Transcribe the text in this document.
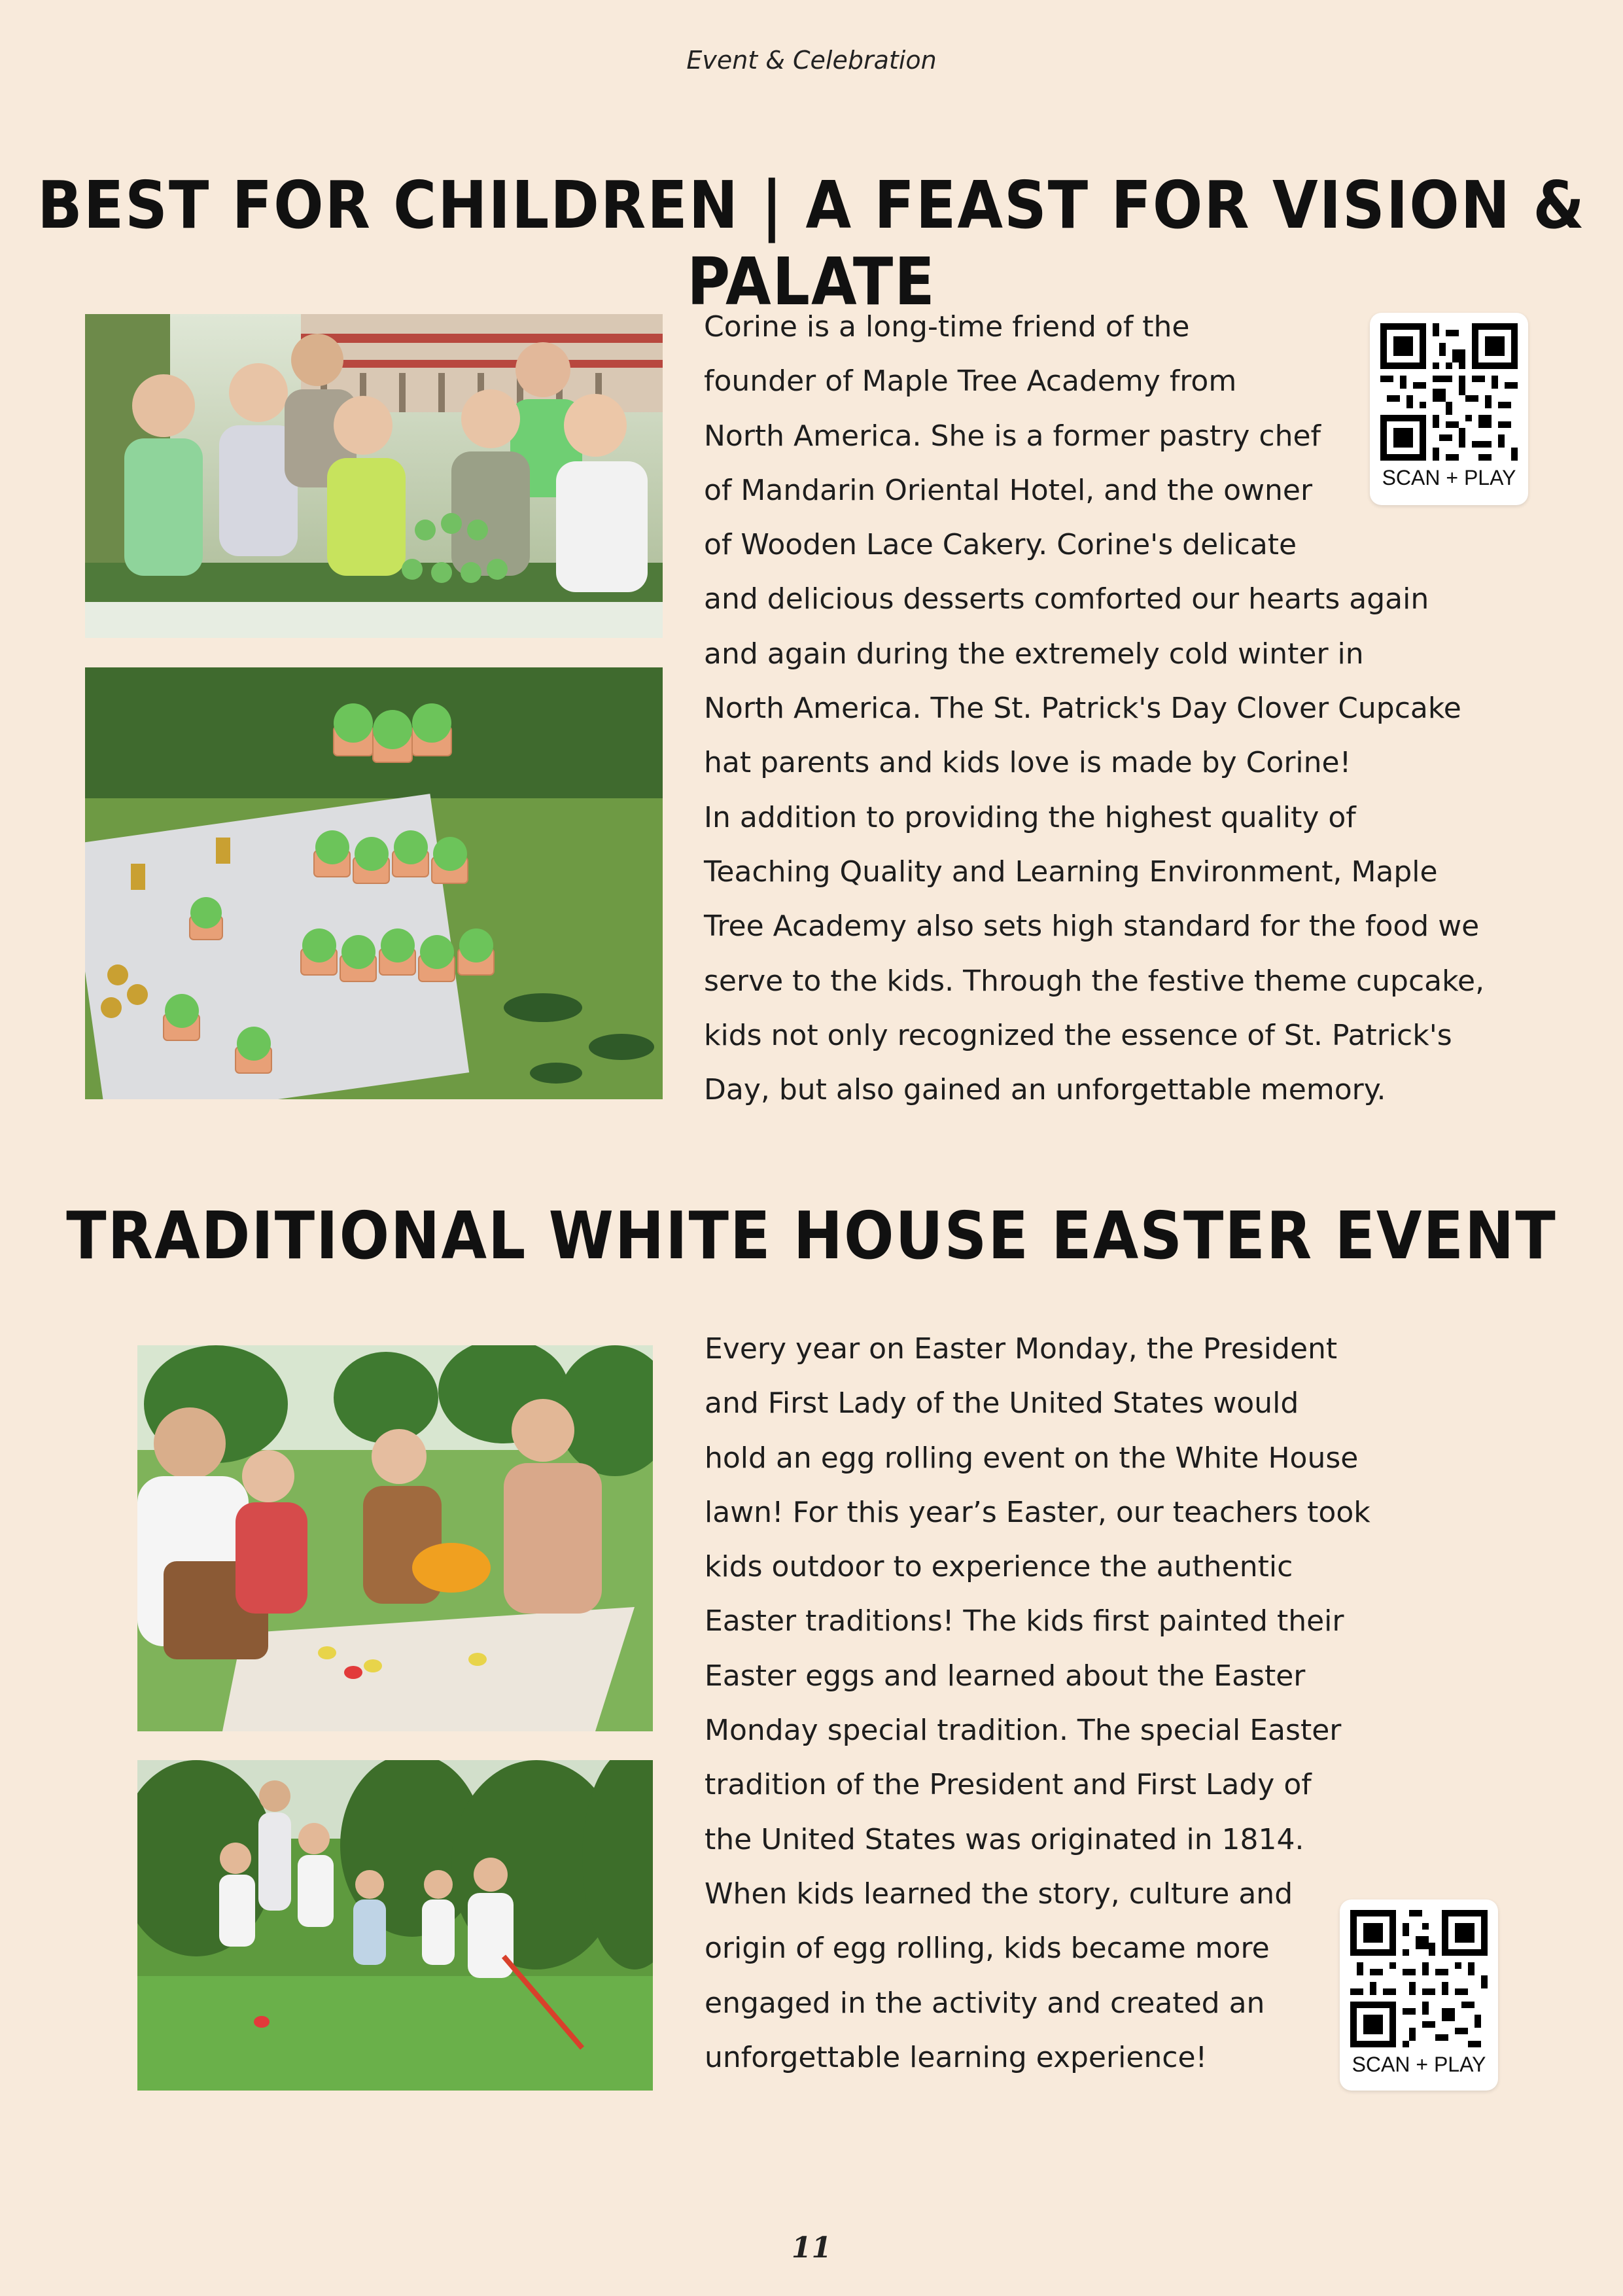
Event & Celebration
BEST FOR CHILDREN | A FEAST FOR VISION & PALATE

Corine is a long-time friend of the

founder of Maple Tree Academy from

North America. She is a former pastry chef

of Mandarin Oriental Hotel, and the owner

of Wooden Lace Cakery. Corine's delicate

and delicious desserts comforted our hearts again

and again during the extremely cold winter in

North America. The St. Patrick's Day Clover Cupcake

hat parents and kids love is made by Corine!

In addition to providing the highest quality of

Teaching Quality and Learning Environment, Maple

Tree Academy also sets high standard for the food we

serve to the kids. Through the festive theme cupcake,

kids not only recognized the essence of St. Patrick's

Day, but also gained an unforgettable memory.

SCAN + PLAY
TRADITIONAL WHITE HOUSE EASTER EVENT

Every year on Easter Monday, the President

and First Lady of the United States would

hold an egg rolling event on the White House

lawn! For this year’s Easter, our teachers took

kids outdoor to experience the authentic

Easter traditions! The kids first painted their

Easter eggs and learned about the Easter

Monday special tradition. The special Easter

tradition of the President and First Lady of

the United States was originated in 1814.

When kids learned the story, culture and

origin of egg rolling, kids became more

engaged in the activity and created an

unforgettable learning experience!	SCAN + PLAY
11
